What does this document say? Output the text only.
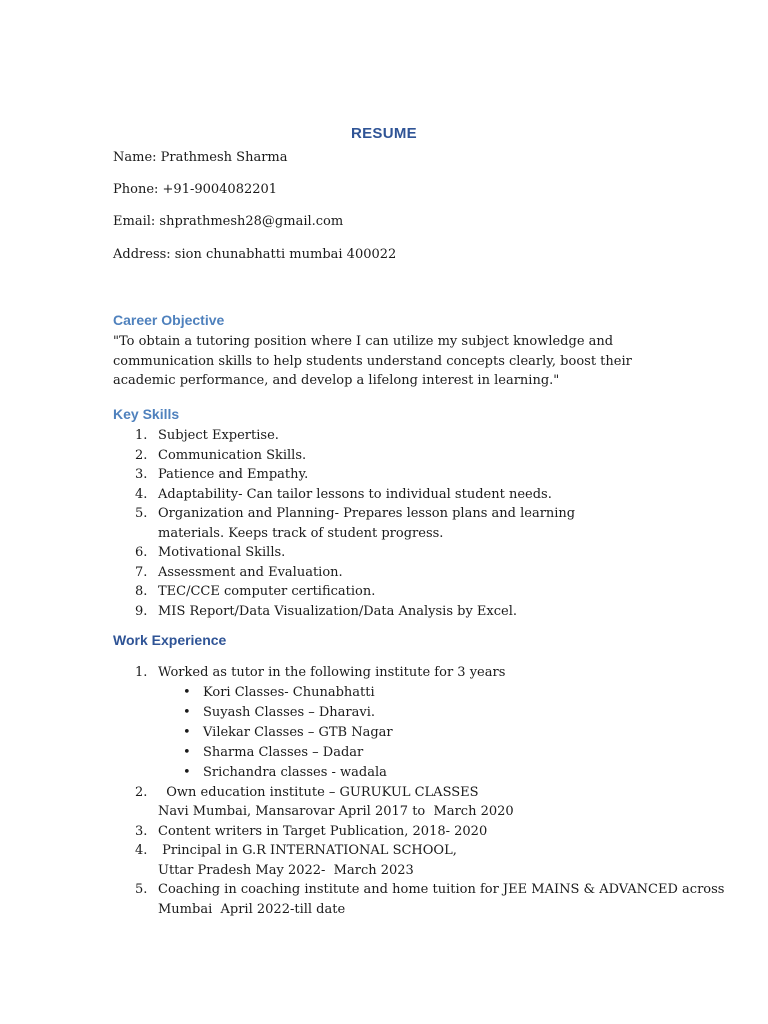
RESUME
Name: Prathmesh Sharma
Phone: +91-9004082201
Email: shprathmesh28@gmail.com
Address: sion chunabhatti mumbai 400022
Career Objective
"To obtain a tutoring position where I can utilize my subject knowledge and communication skills to help students understand concepts clearly, boost their academic performance, and develop a lifelong interest in learning."
Key Skills
1. Subject Expertise.
2. Communication Skills.
3. Patience and Empathy.
4. Adaptability- Can tailor lessons to individual student needs.
5. Organization and Planning- Prepares lesson plans and learning materials. Keeps track of student progress.
6. Motivational Skills.
7. Assessment and Evaluation.
8. TEC/CCE computer certification.
9. MIS Report/Data Visualization/Data Analysis by Excel.
Work Experience
1. Worked as tutor in the following institute for 3 years
• Kori Classes- Chunabhatti
• Suyash Classes – Dharavi.
• Vilekar Classes – GTB Nagar
• Sharma Classes – Dadar
• Srichandra classes - wadala
2. Own education institute – GURUKUL CLASSES
Navi Mumbai, Mansarovar April 2017 to  March 2020
3. Content writers in Target Publication, 2018- 2020
4. Principal in G.R INTERNATIONAL SCHOOL,
Uttar Pradesh May 2022-  March 2023
5. Coaching in coaching institute and home tuition for JEE MAINS & ADVANCED across
Mumbai  April 2022-till date
